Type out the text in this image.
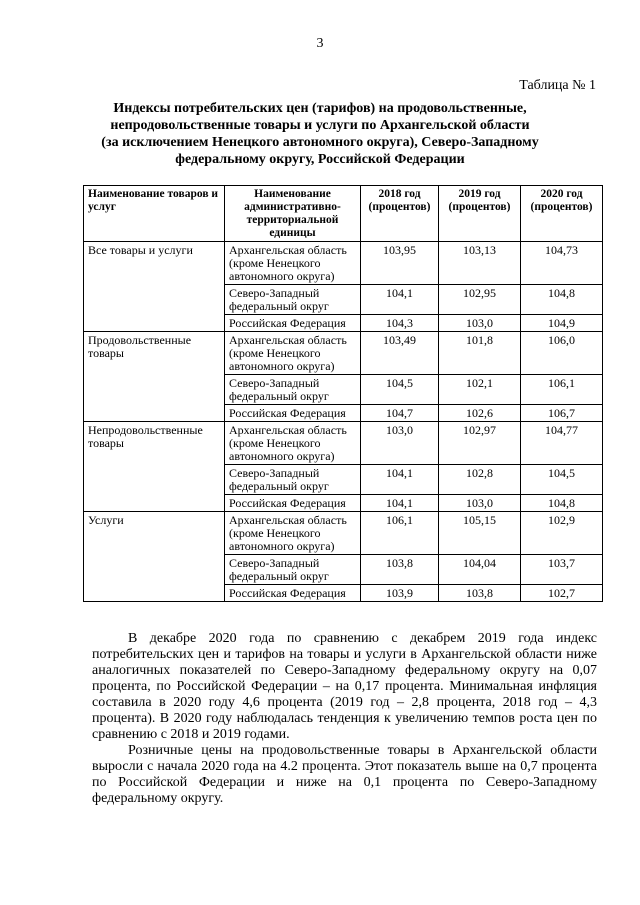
3
Таблица № 1
Индексы потребительских цен (тарифов) на продовольственные,
непродовольственные товары и услуги по Архангельской области
(за исключением Ненецкого автономного округа), Северо-Западному
федеральному округу, Российской Федерации
Наименование товаров и услуг	Наименование административно-территориальной единицы	2018 год (процентов)	2019 год (процентов)	2020 год (процентов)
Все товары и услуги	Архангельская область (кроме Ненецкого автономного округа)	103,95	103,13	104,73
	Северо-Западный федеральный округ	104,1	102,95	104,8
	Российская Федерация	104,3	103,0	104,9
Продовольственные товары	Архангельская область (кроме Ненецкого автономного округа)	103,49	101,8	106,0
	Северо-Западный федеральный округ	104,5	102,1	106,1
	Российская Федерация	104,7	102,6	106,7
Непродовольственные товары	Архангельская область (кроме Ненецкого автономного округа)	103,0	102,97	104,77
	Северо-Западный федеральный округ	104,1	102,8	104,5
	Российская Федерация	104,1	103,0	104,8
Услуги	Архангельская область (кроме Ненецкого автономного округа)	106,1	105,15	102,9
	Северо-Западный федеральный округ	103,8	104,04	103,7
	Российская Федерация	103,9	103,8	102,7

В декабре 2020 года по сравнению с декабрем 2019 года индекс потребительских цен и тарифов на товары и услуги в Архангельской области ниже аналогичных показателей по Северо-Западному федеральному округу на 0,07 процента, по Российской Федерации – на 0,17 процента. Минимальная инфляция составила в 2020 году 4,6 процента (2019 год – 2,8 процента, 2018 год – 4,3 процента). В 2020 году наблюдалась тенденция к увеличению темпов роста цен по сравнению с 2018 и 2019 годами.

Розничные цены на продовольственные товары в Архангельской области выросли с начала 2020 года на 4.2 процента. Этот показатель выше на 0,7 процента по Российской Федерации и ниже на 0,1 процента по Северо-Западному федеральному округу.
